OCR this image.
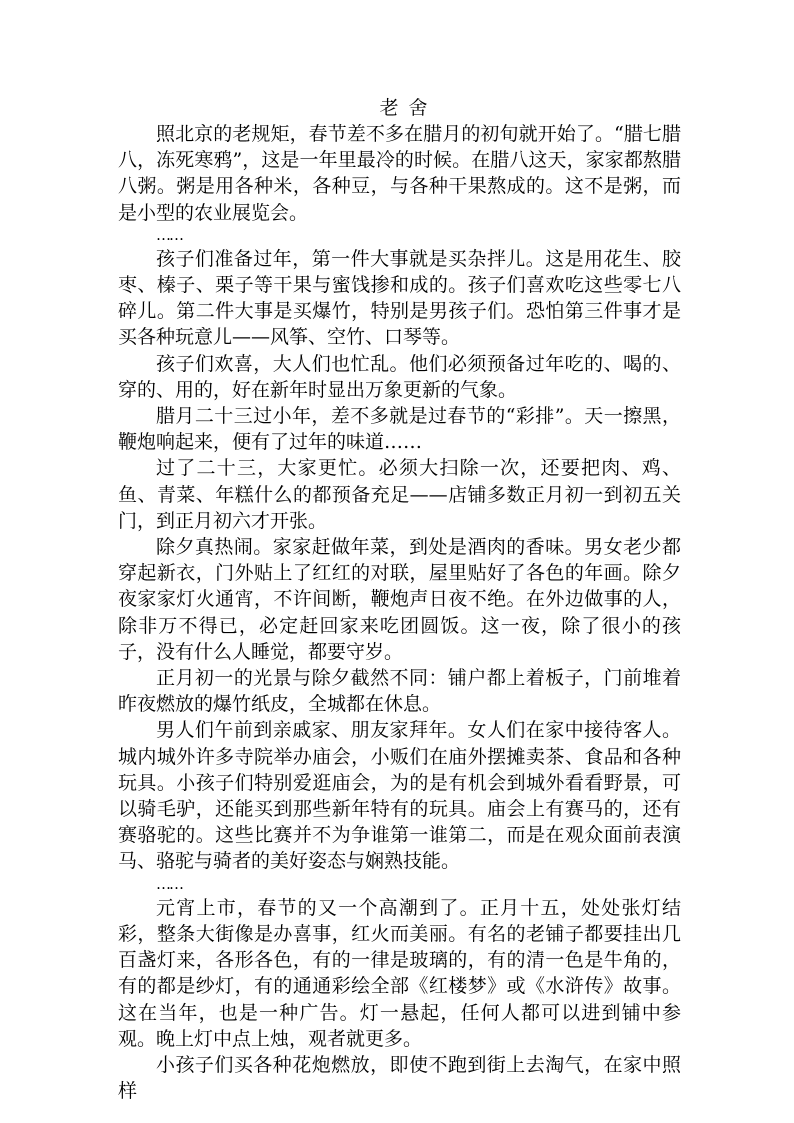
老舍

照北京的老规矩，春节差不多在腊月的初旬就开始了。“腊七腊八，冻死寒鸦”，这是一年里最冷的时候。在腊八这天，家家都熬腊八粥。粥是用各种米，各种豆，与各种干果熬成的。这不是粥，而是小型的农业展览会。

……

孩子们准备过年，第一件大事就是买杂拌儿。这是用花生、胶枣、榛子、栗子等干果与蜜饯掺和成的。孩子们喜欢吃这些零七八碎儿。第二件大事是买爆竹，特别是男孩子们。恐怕第三件事才是买各种玩意儿——风筝、空竹、口琴等。

孩子们欢喜，大人们也忙乱。他们必须预备过年吃的、喝的、穿的、用的，好在新年时显出万象更新的气象。

腊月二十三过小年，差不多就是过春节的“彩排”。天一擦黑，鞭炮响起来，便有了过年的味道……

过了二十三，大家更忙。必须大扫除一次，还要把肉、鸡、鱼、青菜、年糕什么的都预备充足——店铺多数正月初一到初五关门，到正月初六才开张。

除夕真热闹。家家赶做年菜，到处是酒肉的香味。男女老少都穿起新衣，门外贴上了红红的对联，屋里贴好了各色的年画。除夕夜家家灯火通宵，不许间断，鞭炮声日夜不绝。在外边做事的人，除非万不得已，必定赶回家来吃团圆饭。这一夜，除了很小的孩子，没有什么人睡觉，都要守岁。

正月初一的光景与除夕截然不同：铺户都上着板子，门前堆着昨夜燃放的爆竹纸皮，全城都在休息。

男人们午前到亲戚家、朋友家拜年。女人们在家中接待客人。城内城外许多寺院举办庙会，小贩们在庙外摆摊卖茶、食品和各种玩具。小孩子们特别爱逛庙会，为的是有机会到城外看看野景，可以骑毛驴，还能买到那些新年特有的玩具。庙会上有赛马的，还有赛骆驼的。这些比赛并不为争谁第一谁第二，而是在观众面前表演马、骆驼与骑者的美好姿态与娴熟技能。

……

元宵上市，春节的又一个高潮到了。正月十五，处处张灯结彩，整条大街像是办喜事，红火而美丽。有名的老铺子都要挂出几百盏灯来，各形各色，有的一律是玻璃的，有的清一色是牛角的，有的都是纱灯，有的通通彩绘全部《红楼梦》或《水浒传》故事。这在当年，也是一种广告。灯一悬起，任何人都可以进到铺中参观。晚上灯中点上烛，观者就更多。

小孩子们买各种花炮燃放，即使不跑到街上去淘气，在家中照样
